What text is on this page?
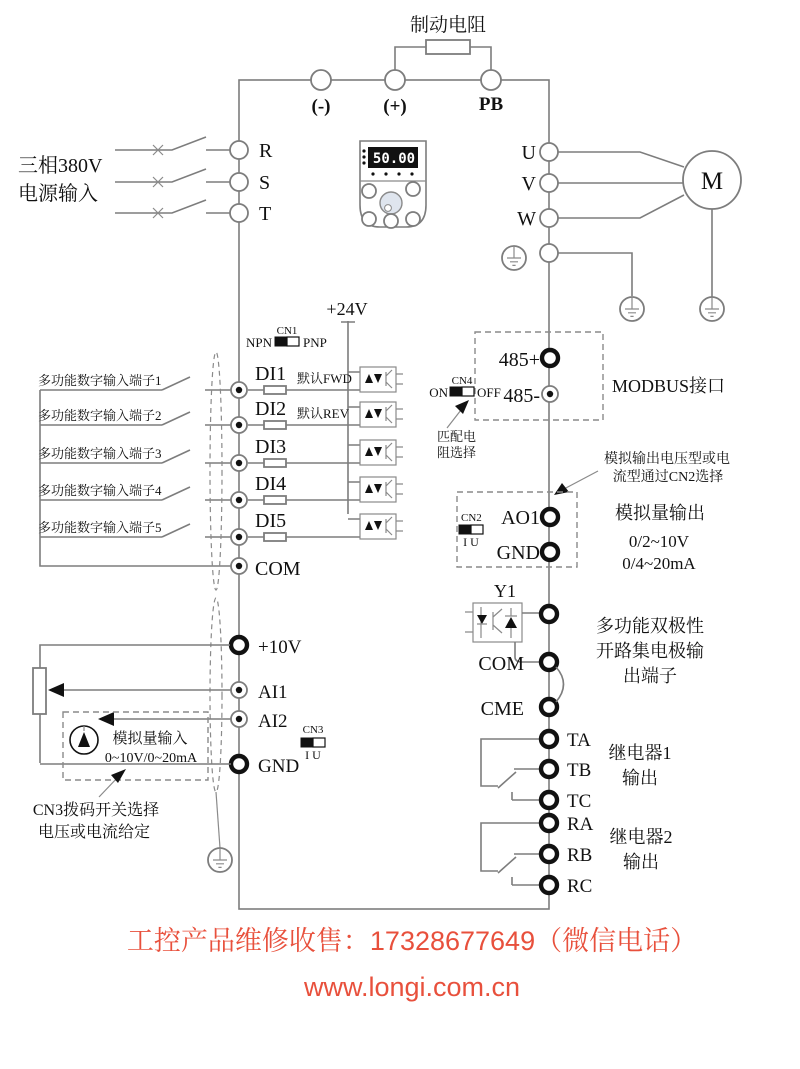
制动电阻
(-)	(+)	PB
三相380V
电源输入
R
S
T
50.00	U
V
W
M
+24V
CN1
NPN PNP
DI1 默认FWD
DI2 默认REV
DI3
DI4
DI5
COM
多功能数字输入端子1
多功能数字输入端子2
多功能数字输入端子3
多功能数字输入端子4
多功能数字输入端子5
+10V
AI1
AI2
GND
CN3
I U
模拟量输入
0~10V/0~20mA
CN3拨码开关选择
电压或电流给定
485+
485-
CN4
ON OFF
匹配电
阻选择
MODBUS接口
模拟输出电压型或电
流型通过CN2选择
CN2
I U
AO1
GND
模拟量输出
0/2~10V
0/4~20mA
Y1
COM
CME
多功能双极性
开路集电极输
出端子
TA
TB
TC
继电器1
输出
RA
RB
RC
继电器2
输出
工控产品维修收售：17328677649（微信电话）
www.longi.com.cn
